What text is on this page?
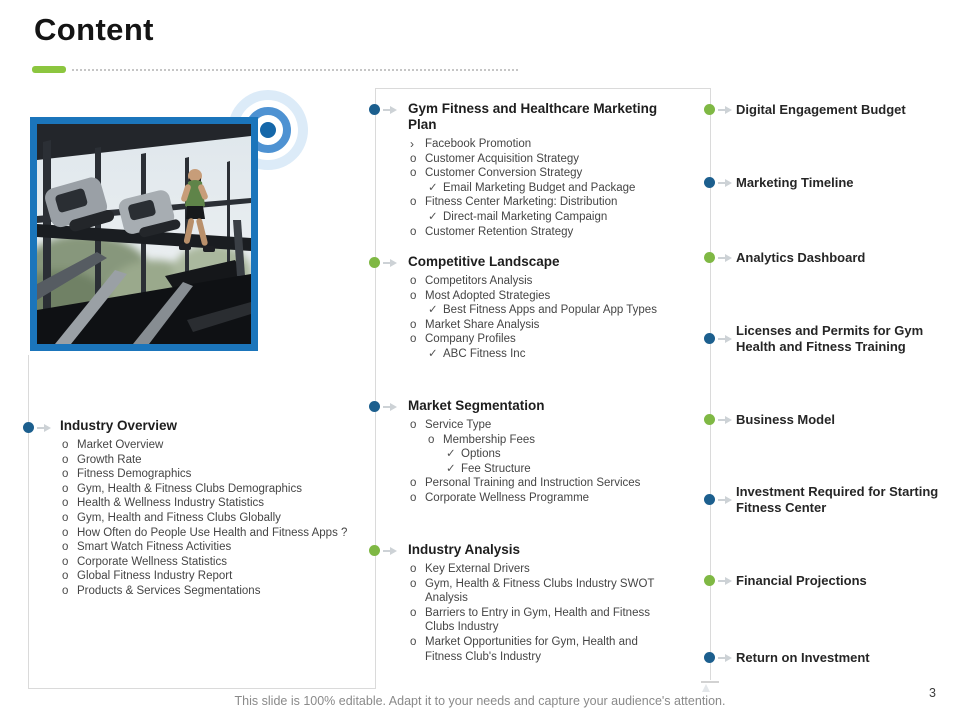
Content
Industry Overview
o Market Overview
o Growth Rate
o Fitness Demographics
o Gym, Health & Fitness Clubs Demographics
o Health & Wellness Industry Statistics
o Gym, Health and Fitness Clubs Globally
o How Often do People Use Health and Fitness Apps ?
o Smart Watch Fitness Activities
o Corporate Wellness Statistics
o Global Fitness Industry Report
o Products & Services Segmentations
Gym Fitness and Healthcare Marketing Plan
› Facebook Promotion
o Customer Acquisition Strategy
o Customer Conversion Strategy
✓ Email Marketing Budget and Package
o Fitness Center Marketing: Distribution
✓ Direct-mail Marketing Campaign
o Customer Retention Strategy
Competitive Landscape
o Competitors Analysis
o Most Adopted Strategies
✓ Best Fitness Apps and Popular App Types
o Market Share Analysis
o Company Profiles
✓ ABC Fitness Inc
Market Segmentation
o Service Type
o Membership Fees
✓ Options
✓ Fee Structure
o Personal Training and Instruction Services
o Corporate Wellness Programme
Industry Analysis
o Key External Drivers
o Gym, Health & Fitness Clubs Industry SWOT Analysis
o Barriers to Entry in Gym, Health and Fitness Clubs Industry
o Market Opportunities for Gym, Health and Fitness Club's Industry
Digital Engagement Budget
Marketing Timeline
Analytics Dashboard
Licenses and Permits for Gym Health and Fitness Training
Business Model
Investment Required for Starting Fitness Center
Financial Projections
Return on Investment
This slide is 100% editable. Adapt it to your needs and capture your audience's attention.
3
